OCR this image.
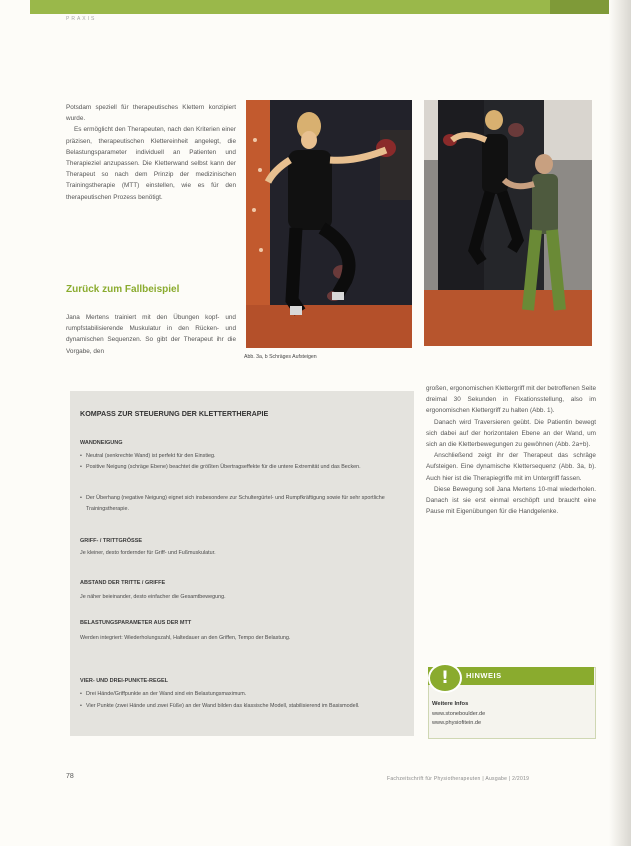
PRAXIS

Potsdam speziell für therapeutisches Klettern konzipiert wurde.

Es ermöglicht den Therapeuten, nach den Kriterien einer präzisen, therapeutischen Klettereinheit angelegt, die Belastungsparameter individuell an Patienten und Therapieziel anzupassen. Die Kletterwand selbst kann der Therapeut so nach dem Prinzip der medizinischen Trainingstherapie (MTT) einstellen, wie es für den therapeutischen Prozess benötigt.

Zurück zum Fallbeispiel

Jana Mertens trainiert mit den Übungen kopf- und rumpfstabilisierende Muskulatur in den Rücken- und dynamischen Sequenzen. So gibt der Therapeut ihr die Vorgabe, den

Abb. 3a, b Schräges Aufsteigen
KOMPASS ZUR STEUERUNG DER KLETTERTHERAPIE
WANDNEIGUNG
• Neutral (senkrechte Wand) ist perfekt für den Einstieg.
• Positive Neigung (schräge Ebene) beachtet die größten Übertragseffekte für die untere Extremität und das Becken.
• Der Überhang (negative Neigung) eignet sich insbesondere zur Schultergürtel- und Rumpfkräftigung sowie für sehr sportliche Trainingstherapie.
GRIFF- / TRITTGRÖSSE
Je kleiner, desto fordernder für Griff- und Fußmuskulatur.
ABSTAND DER TRITTE / GRIFFE
Je näher beieinander, desto einfacher die Gesamtbewegung.
BELASTUNGSPARAMETER AUS DER MTT
Werden integriert: Wiederholungszahl, Haltedauer an den Griffen, Tempo der Belastung.
VIER- UND DREI-PUNKTE-REGEL
• Drei Hände/Griffpunkte an der Wand sind ein Belastungsmaximum.
• Vier Punkte (zwei Hände und zwei Füße) an der Wand bilden das klassische Modell, stabilisierend im Basismodell.

großen, ergonomischen Klettergriff mit der betroffenen Seite dreimal 30 Sekunden in Fixationsstellung, also im ergonomischen Klettergriff zu halten (Abb. 1).

Danach wird Traversieren geübt. Die Patientin bewegt sich dabei auf der horizontalen Ebene an der Wand, um sich an die Kletterbewegungen zu gewöhnen (Abb. 2a+b).

Anschließend zeigt ihr der Therapeut das schräge Aufsteigen. Eine dynamische Klettersequenz (Abb. 3a, b). Auch hier ist die Therapiegriffe mit im Untergriff fassen.

Diese Bewegung soll Jana Mertens 10-mal wiederholen. Danach ist sie erst einmal erschöpft und braucht eine Pause mit Eigenübungen für die Handgelenke.

!	HINWEIS
Weitere Infos
www.stoneboulder.de
www.physiofitein.de
78	Fachzeitschrift für Physiotherapeuten | Ausgabe | 2/2019
